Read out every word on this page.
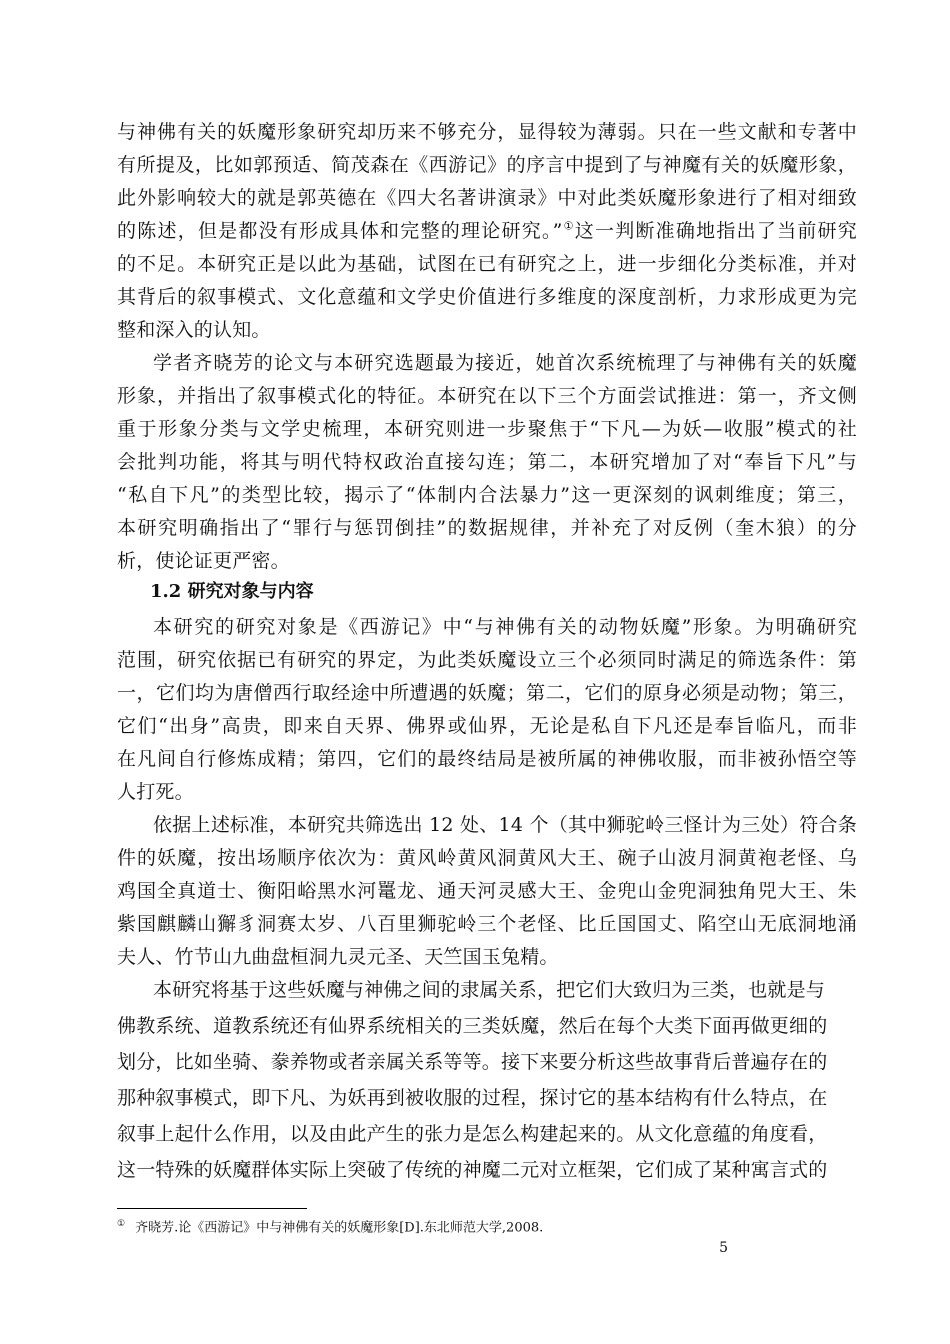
与神佛有关的妖魔形象研究却历来不够充分，显得较为薄弱。只在一些文献和专著中
有所提及，比如郭预适、简茂森在《西游记》的序言中提到了与神魔有关的妖魔形象，
此外影响较大的就是郭英德在《四大名著讲演录》中对此类妖魔形象进行了相对细致
的陈述，但是都没有形成具体和完整的理论研究。”①这一判断准确地指出了当前研究
的不足。本研究正是以此为基础，试图在已有研究之上，进一步细化分类标准，并对
其背后的叙事模式、文化意蕴和文学史价值进行多维度的深度剖析，力求形成更为完
整和深入的认知。
学者齐晓芳的论文与本研究选题最为接近，她首次系统梳理了与神佛有关的妖魔
形象，并指出了叙事模式化的特征。本研究在以下三个方面尝试推进：第一，齐文侧
重于形象分类与文学史梳理，本研究则进一步聚焦于“下凡—为妖—收服”模式的社
会批判功能，将其与明代特权政治直接勾连；第二，本研究增加了对“奉旨下凡”与
“私自下凡”的类型比较，揭示了“体制内合法暴力”这一更深刻的讽刺维度；第三，
本研究明确指出了“罪行与惩罚倒挂”的数据规律，并补充了对反例（奎木狼）的分
析，使论证更严密。
1.2 研究对象与内容
本研究的研究对象是《西游记》中“与神佛有关的动物妖魔”形象。为明确研究
范围，研究依据已有研究的界定，为此类妖魔设立三个必须同时满足的筛选条件：第
一，它们均为唐僧西行取经途中所遭遇的妖魔；第二，它们的原身必须是动物；第三，
它们“出身”高贵，即来自天界、佛界或仙界，无论是私自下凡还是奉旨临凡，而非
在凡间自行修炼成精；第四，它们的最终结局是被所属的神佛收服，而非被孙悟空等
人打死。
依据上述标准，本研究共筛选出 12 处、14 个（其中狮驼岭三怪计为三处）符合条
件的妖魔，按出场顺序依次为：黄风岭黄风洞黄风大王、碗子山波月洞黄袍老怪、乌
鸡国全真道士、衡阳峪黑水河鼍龙、通天河灵感大王、金兜山金兜洞独角兕大王、朱
紫国麒麟山獬豸洞赛太岁、八百里狮驼岭三个老怪、比丘国国丈、陷空山无底洞地涌
夫人、竹节山九曲盘桓洞九灵元圣、天竺国玉兔精。
本研究将基于这些妖魔与神佛之间的隶属关系，把它们大致归为三类，也就是与
佛教系统、道教系统还有仙界系统相关的三类妖魔，然后在每个大类下面再做更细的
划分，比如坐骑、豢养物或者亲属关系等等。接下来要分析这些故事背后普遍存在的
那种叙事模式，即下凡、为妖再到被收服的过程，探讨它的基本结构有什么特点，在
叙事上起什么作用，以及由此产生的张力是怎么构建起来的。从文化意蕴的角度看，
这一特殊的妖魔群体实际上突破了传统的神魔二元对立框架，它们成了某种寓言式的
① 齐晓芳.论《西游记》中与神佛有关的妖魔形象[D].东北师范大学,2008.
5
